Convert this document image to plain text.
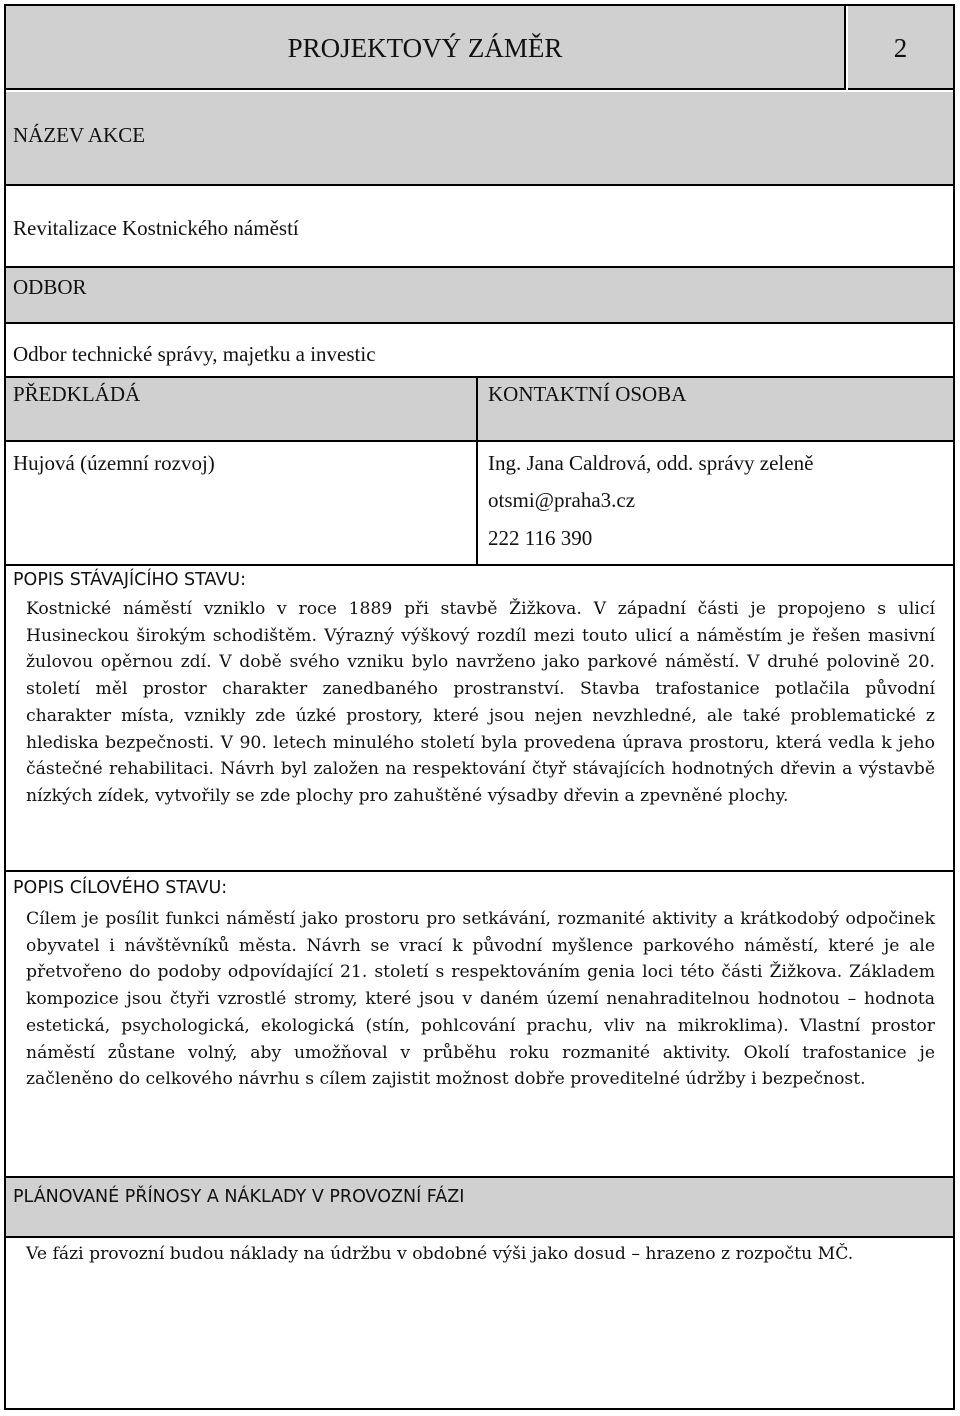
PROJEKTOVÝ ZÁMĚR	2
NÁZEV AKCE
Revitalizace Kostnického náměstí
ODBOR
Odbor technické správy, majetku a investic
PŘEDKLÁDÁ	KONTAKTNÍ OSOBA
Hujová (územní rozvoj)	Ing. Jana Caldrová, odd. správy zeleně
otsmi@praha3.cz
222 116 390
POPIS STÁVAJÍCÍHO STAVU:
Kostnické náměstí vzniklo v roce 1889 při stavbě Žižkova. V západní části je propojeno s ulicí Husineckou širokým schodištěm. Výrazný výškový rozdíl mezi touto ulicí a náměstím je řešen masivní žulovou opěrnou zdí. V době svého vzniku bylo navrženo jako parkové náměstí. V druhé polovině 20. století měl prostor charakter zanedbaného prostranství. Stavba trafostanice potlačila původní charakter místa, vznikly zde úzké prostory, které jsou nejen nevzhledné, ale také problematické z hlediska bezpečnosti. V 90. letech minulého století byla provedena úprava prostoru, která vedla k jeho částečné rehabilitaci. Návrh byl založen na respektování čtyř stávajících hodnotných dřevin a výstavbě nízkých zídek, vytvořily se zde plochy pro zahuštěné výsadby dřevin a zpevněné plochy.
POPIS CÍLOVÉHO STAVU:
Cílem je posílit funkci náměstí jako prostoru pro setkávání, rozmanité aktivity a krátkodobý odpočinek obyvatel i návštěvníků města. Návrh se vrací k původní myšlence parkového náměstí, které je ale přetvořeno do podoby odpovídající 21. století s respektováním genia loci této části Žižkova. Základem kompozice jsou čtyři vzrostlé stromy, které jsou v daném území nenahraditelnou hodnotou – hodnota estetická, psychologická, ekologická (stín, pohlcování prachu, vliv na mikroklima). Vlastní prostor náměstí zůstane volný, aby umožňoval v průběhu roku rozmanité aktivity. Okolí trafostanice je začleněno do celkového návrhu s cílem zajistit možnost dobře proveditelné údržby i bezpečnost.
PLÁNOVANÉ PŘÍNOSY A NÁKLADY V PROVOZNÍ FÁZI
Ve fázi provozní budou náklady na údržbu v obdobné výši jako dosud – hrazeno z rozpočtu MČ.
